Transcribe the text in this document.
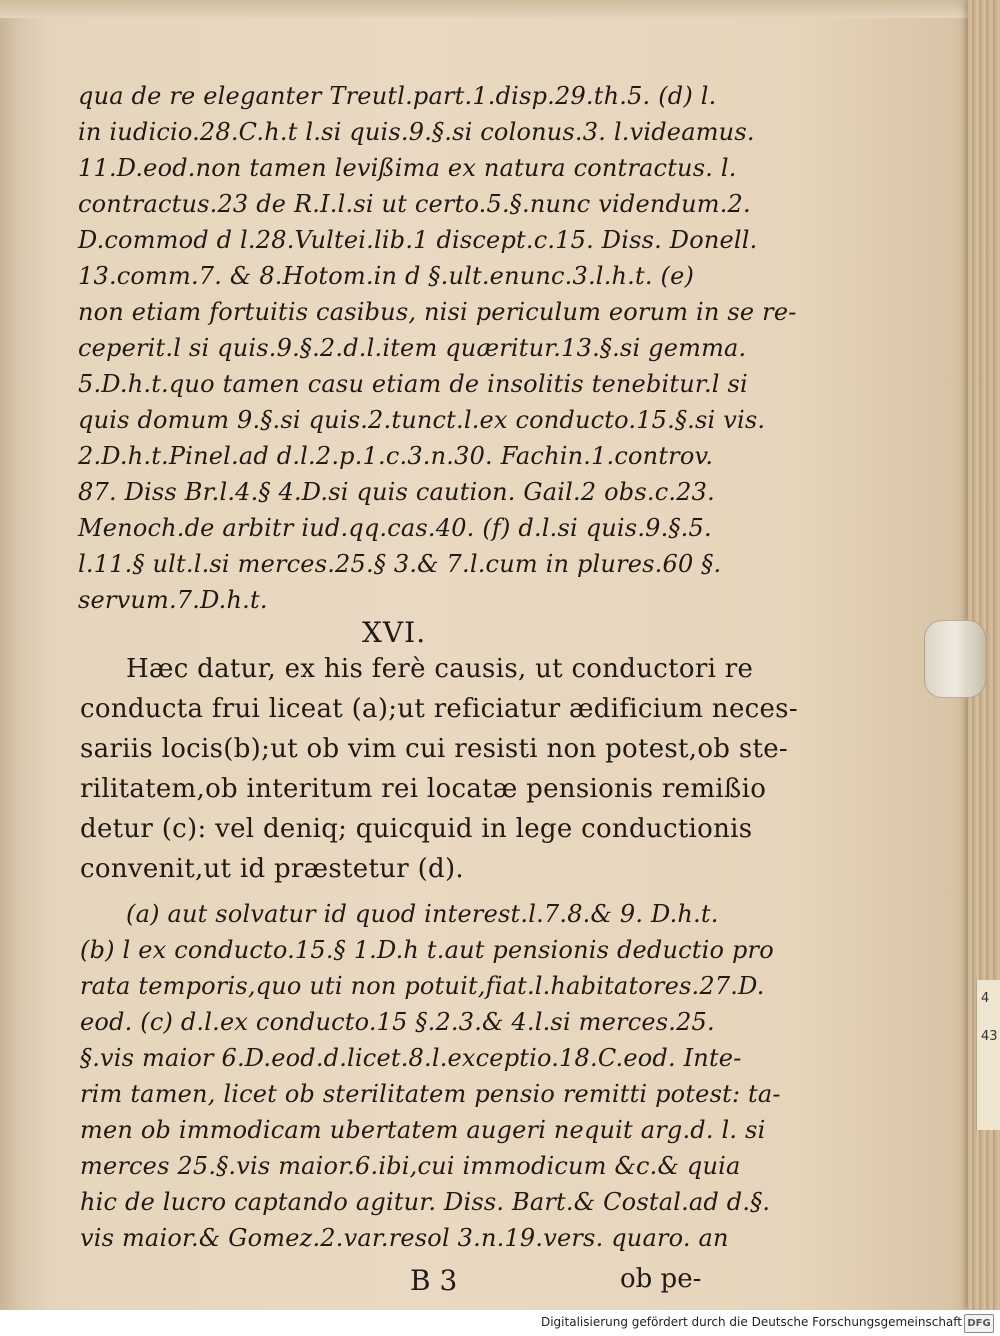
4
43
qua de re eleganter Treutl.part.1.disp.29.th.5. (d) l.
in iudicio.28.C.h.t l.si quis.9.§.si colonus.3. l.videamus.
11.D.eod.non tamen levißima ex natura contractus. l.
contractus.23 de R.I.l.si ut certo.5.§.nunc videndum.2.
D.commod d l.28.Vultei.lib.1 discept.c.15. Diss. Donell.
13.comm.7. & 8.Hotom.in d §.ult.enunc.3.l.h.t. (e)
non etiam fortuitis casibus, nisi periculum eorum in se re-
ceperit.l si quis.9.§.2.d.l.item quæritur.13.§.si gemma.
5.D.h.t.quo tamen casu etiam de insolitis tenebitur.l si
quis domum 9.§.si quis.2.tunct.l.ex conducto.15.§.si vis.
2.D.h.t.Pinel.ad d.l.2.p.1.c.3.n.30. Fachin.1.controv.
87. Diss Br.l.4.§ 4.D.si quis caution. Gail.2 obs.c.23.
Menoch.de arbitr iud.qq.cas.40. (f) d.l.si quis.9.§.5.
l.11.§ ult.l.si merces.25.§ 3.& 7.l.cum in plures.60 §.
servum.7.D.h.t.
XVI.
Hæc datur, ex his ferè causis, ut conductori re
conducta frui liceat (a);ut reficiatur ædificium neces-
sariis locis(b);ut ob vim cui resisti non potest,ob ste-
rilitatem,ob interitum rei locatæ pensionis remißio
detur (c): vel deniq; quicquid in lege conductionis
convenit,ut id præstetur (d).
(a) aut solvatur id quod interest.l.7.8.& 9. D.h.t.
(b) l ex conducto.15.§ 1.D.h t.aut pensionis deductio pro
rata temporis,quo uti non potuit,fiat.l.habitatores.27.D.
eod. (c) d.l.ex conducto.15 §.2.3.& 4.l.si merces.25.
§.vis maior 6.D.eod.d.licet.8.l.exceptio.18.C.eod. Inte-
rim tamen, licet ob sterilitatem pensio remitti potest: ta-
men ob immodicam ubertatem augeri nequit arg.d. l. si
merces 25.§.vis maior.6.ibi,cui immodicum &c.& quia
hic de lucro captando agitur. Diss. Bart.& Costal.ad d.§.
vis maior.& Gomez.2.var.resol 3.n.19.vers. quaro. an
B 3	ob pe-
Digitalisierung gefördert durch die Deutsche Forschungsgemeinschaft DFG
